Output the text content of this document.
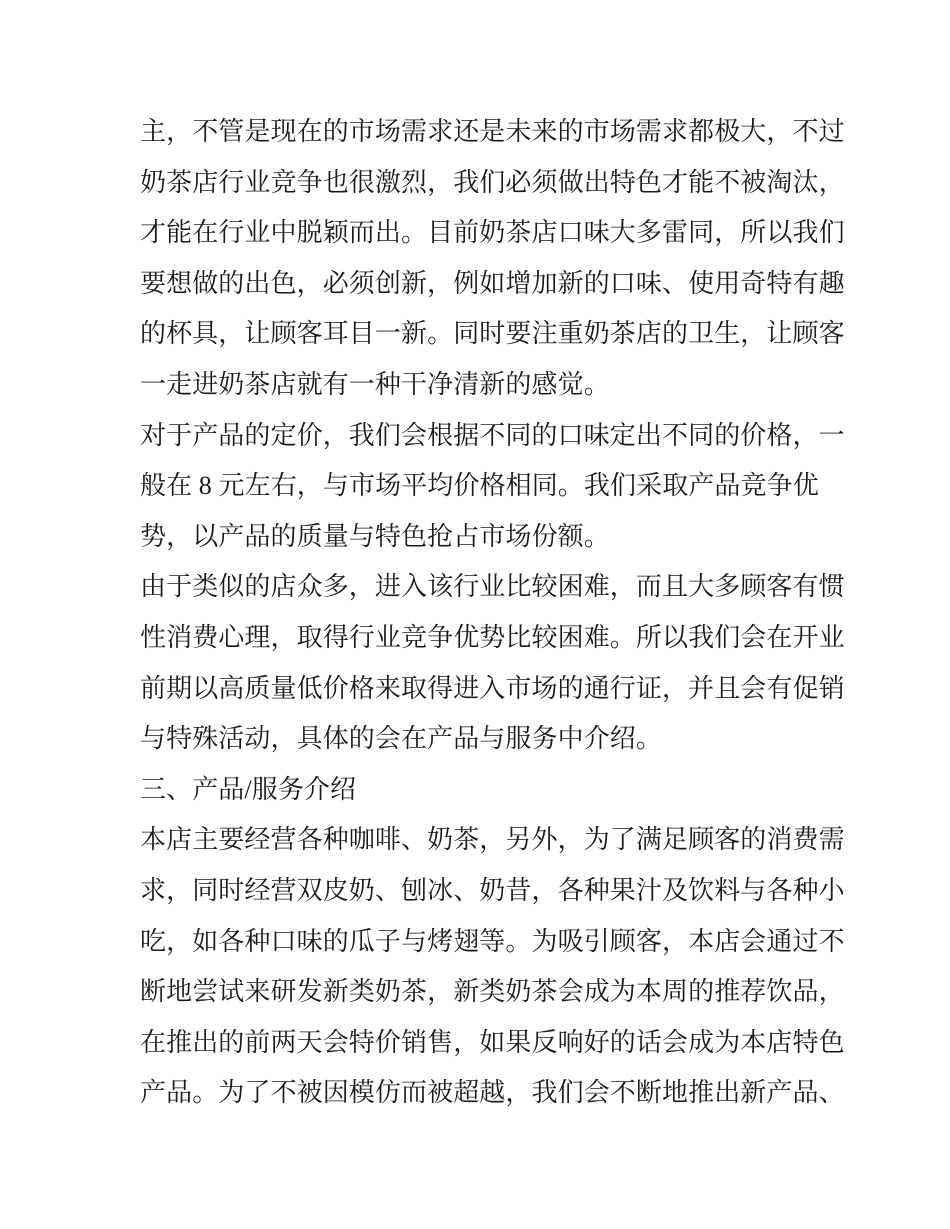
主，不管是现在的市场需求还是未来的市场需求都极大，不过
奶茶店行业竞争也很激烈，我们必须做出特色才能不被淘汰，
才能在行业中脱颖而出。目前奶茶店口味大多雷同，所以我们
要想做的出色，必须创新，例如增加新的口味、使用奇特有趣
的杯具，让顾客耳目一新。同时要注重奶茶店的卫生，让顾客
一走进奶茶店就有一种干净清新的感觉。
对于产品的定价，我们会根据不同的口味定出不同的价格，一
般在 8 元左右，与市场平均价格相同。我们采取产品竞争优
势，以产品的质量与特色抢占市场份额。
由于类似的店众多，进入该行业比较困难，而且大多顾客有惯
性消费心理，取得行业竞争优势比较困难。所以我们会在开业
前期以高质量低价格来取得进入市场的通行证，并且会有促销
与特殊活动，具体的会在产品与服务中介绍。
三、产品/服务介绍
本店主要经营各种咖啡、奶茶，另外，为了满足顾客的消费需
求，同时经营双皮奶、刨冰、奶昔，各种果汁及饮料与各种小
吃，如各种口味的瓜子与烤翅等。为吸引顾客，本店会通过不
断地尝试来研发新类奶茶，新类奶茶会成为本周的推荐饮品，
在推出的前两天会特价销售，如果反响好的话会成为本店特色
产品。为了不被因模仿而被超越，我们会不断地推出新产品、
